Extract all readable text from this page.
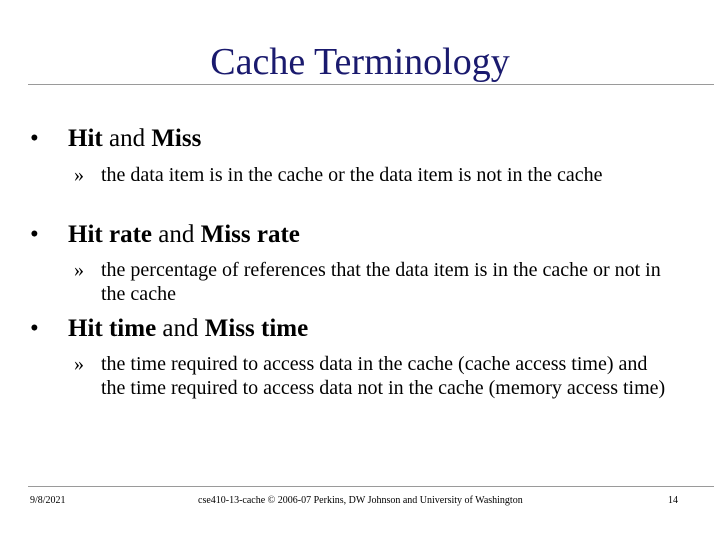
Cache Terminology
• Hit and Miss
» the data item is in the cache or the data item is not in the cache
• Hit rate and Miss rate
» the percentage of references that the data item is in the cache or not in the cache
• Hit time and Miss time
» the time required to access data in the cache (cache access time) and the time required to access data not in the cache (memory access time)
9/8/2021	cse410-13-cache © 2006-07 Perkins, DW Johnson and University of Washington	14
